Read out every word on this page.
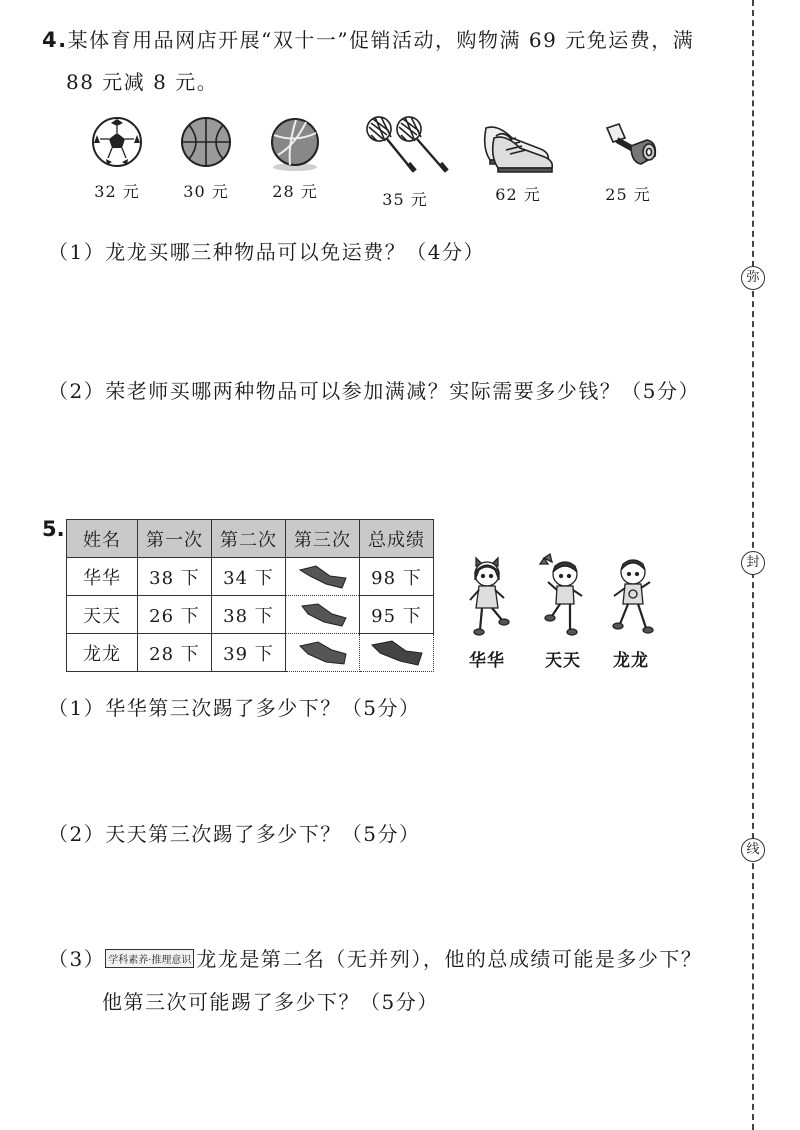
弥
封
线
4.某体育用品网店开展“双十一”促销活动，购物满 69 元免运费，满
88 元减 8 元。
32 元	30 元	28 元	35 元	62 元	25 元
（1）龙龙买哪三种物品可以免运费？（4分）
（2）荣老师买哪两种物品可以参加满减？实际需要多少钱？（5分）
5. 姓名	第一次	第二次	第三次	总成绩
华华	38 下	34 下		98 下
天天	26 下	38 下		95 下
龙龙	28 下	39 下	
		华华	天天	龙龙
（1）华华第三次踢了多少下？（5分）
（2）天天第三次踢了多少下？（5分）
（3） 学科素养·推理意识 龙龙是第二名（无并列），他的总成绩可能是多少下？
他第三次可能踢了多少下？（5分）
